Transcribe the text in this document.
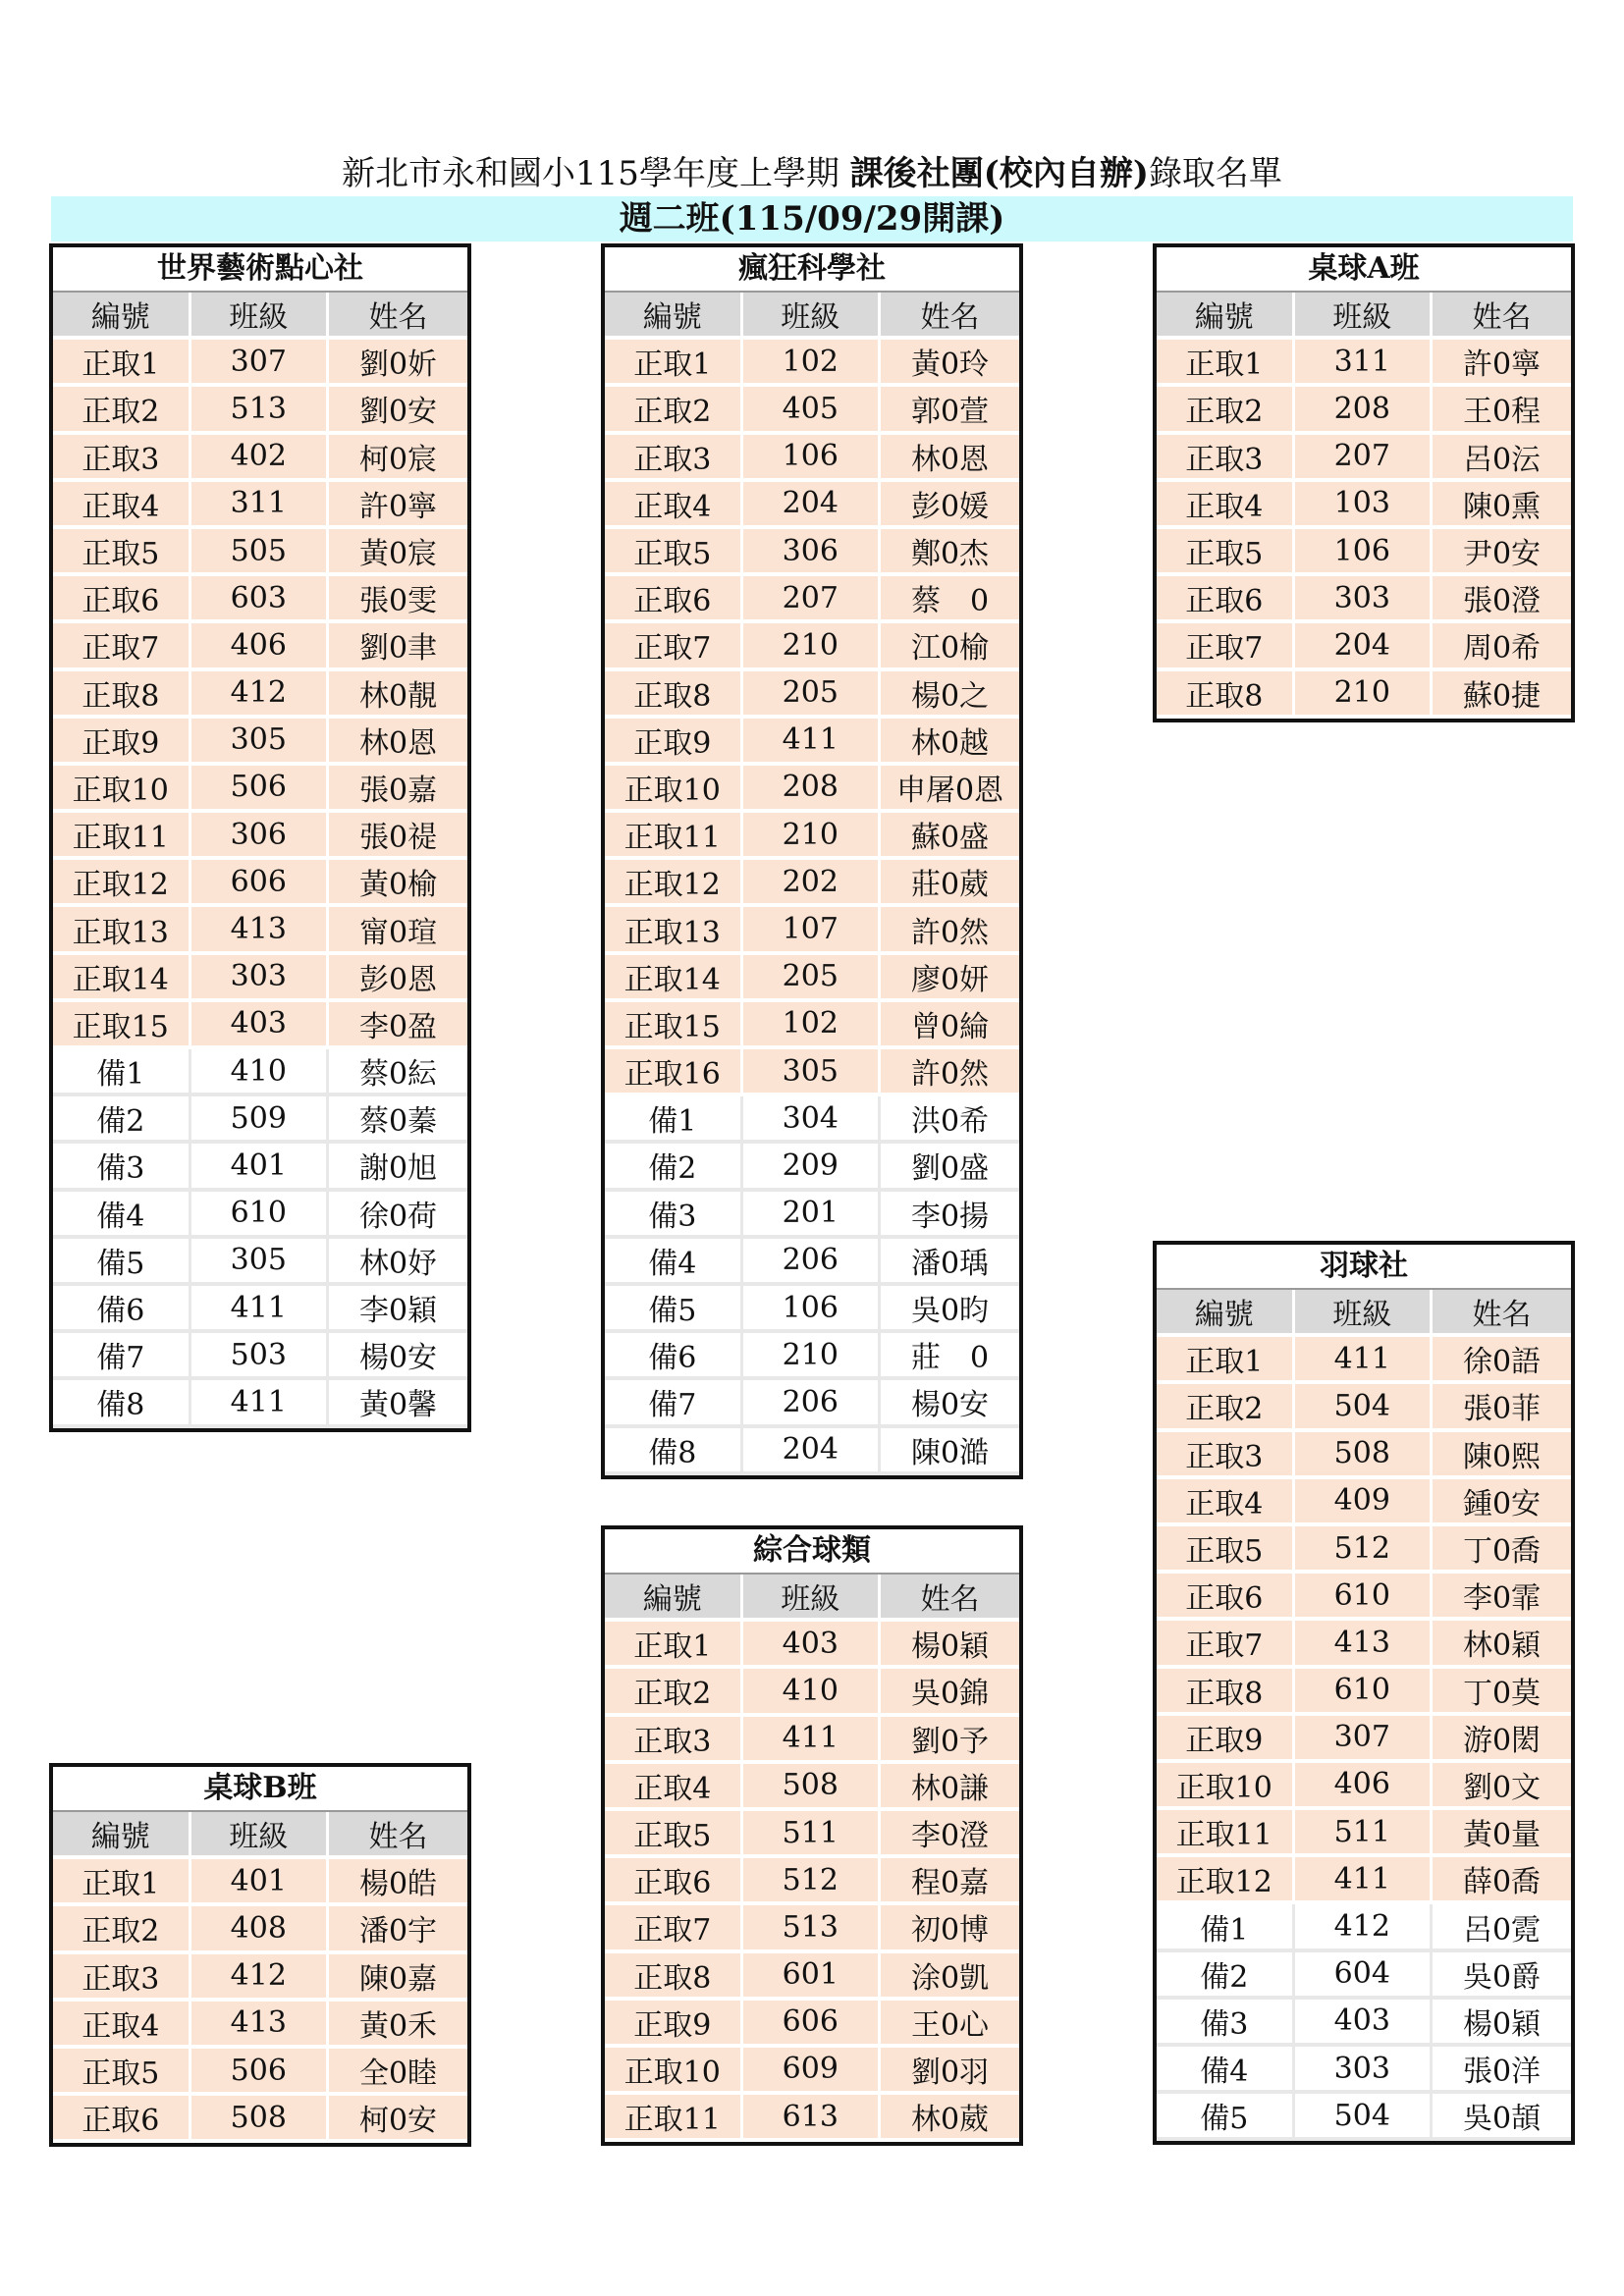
新北市永和國小115學年度上學期 課後社團(校內自辦)錄取名單
週二班(115/09/29開課)
世界藝術點心社
編號	班級	姓名
正取1	307	劉0妡
正取2	513	劉0安
正取3	402	柯0宸
正取4	311	許0寧
正取5	505	黃0宸
正取6	603	張0雯
正取7	406	劉0聿
正取8	412	林0靚
正取9	305	林0恩
正取10	506	張0嘉
正取11	306	張0禔
正取12	606	黃0榆
正取13	413	甯0瑄
正取14	303	彭0恩
正取15	403	李0盈
備1	410	蔡0紜
備2	509	蔡0蓁
備3	401	謝0旭
備4	610	徐0荷
備5	305	林0妤
備6	411	李0穎
備7	503	楊0安
備8	411	黃0馨
瘋狂科學社
編號	班級	姓名
正取1	102	黃0玲
正取2	405	郭0萱
正取3	106	林0恩
正取4	204	彭0媛
正取5	306	鄭0杰
正取6	207	蔡　0
正取7	210	江0榆
正取8	205	楊0之
正取9	411	林0越
正取10	208	申屠0恩
正取11	210	蘇0盛
正取12	202	莊0葳
正取13	107	許0然
正取14	205	廖0妍
正取15	102	曾0綸
正取16	305	許0然
備1	304	洪0希
備2	209	劉0盛
備3	201	李0揚
備4	206	潘0瑀
備5	106	吳0昀
備6	210	莊　0
備7	206	楊0安
備8	204	陳0澔
桌球A班
編號	班級	姓名
正取1	311	許0寧
正取2	208	王0程
正取3	207	呂0沄
正取4	103	陳0熏
正取5	106	尹0安
正取6	303	張0澄
正取7	204	周0希
正取8	210	蘇0捷
羽球社
編號	班級	姓名
正取1	411	徐0語
正取2	504	張0菲
正取3	508	陳0熙
正取4	409	鍾0安
正取5	512	丁0喬
正取6	610	李0霏
正取7	413	林0穎
正取8	610	丁0莫
正取9	307	游0閎
正取10	406	劉0文
正取11	511	黃0量
正取12	411	薛0喬
備1	412	呂0霓
備2	604	吳0爵
備3	403	楊0穎
備4	303	張0洋
備5	504	吳0頡
綜合球類
編號	班級	姓名
正取1	403	楊0穎
正取2	410	吳0錦
正取3	411	劉0予
正取4	508	林0謙
正取5	511	李0澄
正取6	512	程0嘉
正取7	513	初0博
正取8	601	涂0凱
正取9	606	王0心
正取10	609	劉0羽
正取11	613	林0葳
桌球B班
編號	班級	姓名
正取1	401	楊0皓
正取2	408	潘0宇
正取3	412	陳0嘉
正取4	413	黃0禾
正取5	506	全0睦
正取6	508	柯0安
